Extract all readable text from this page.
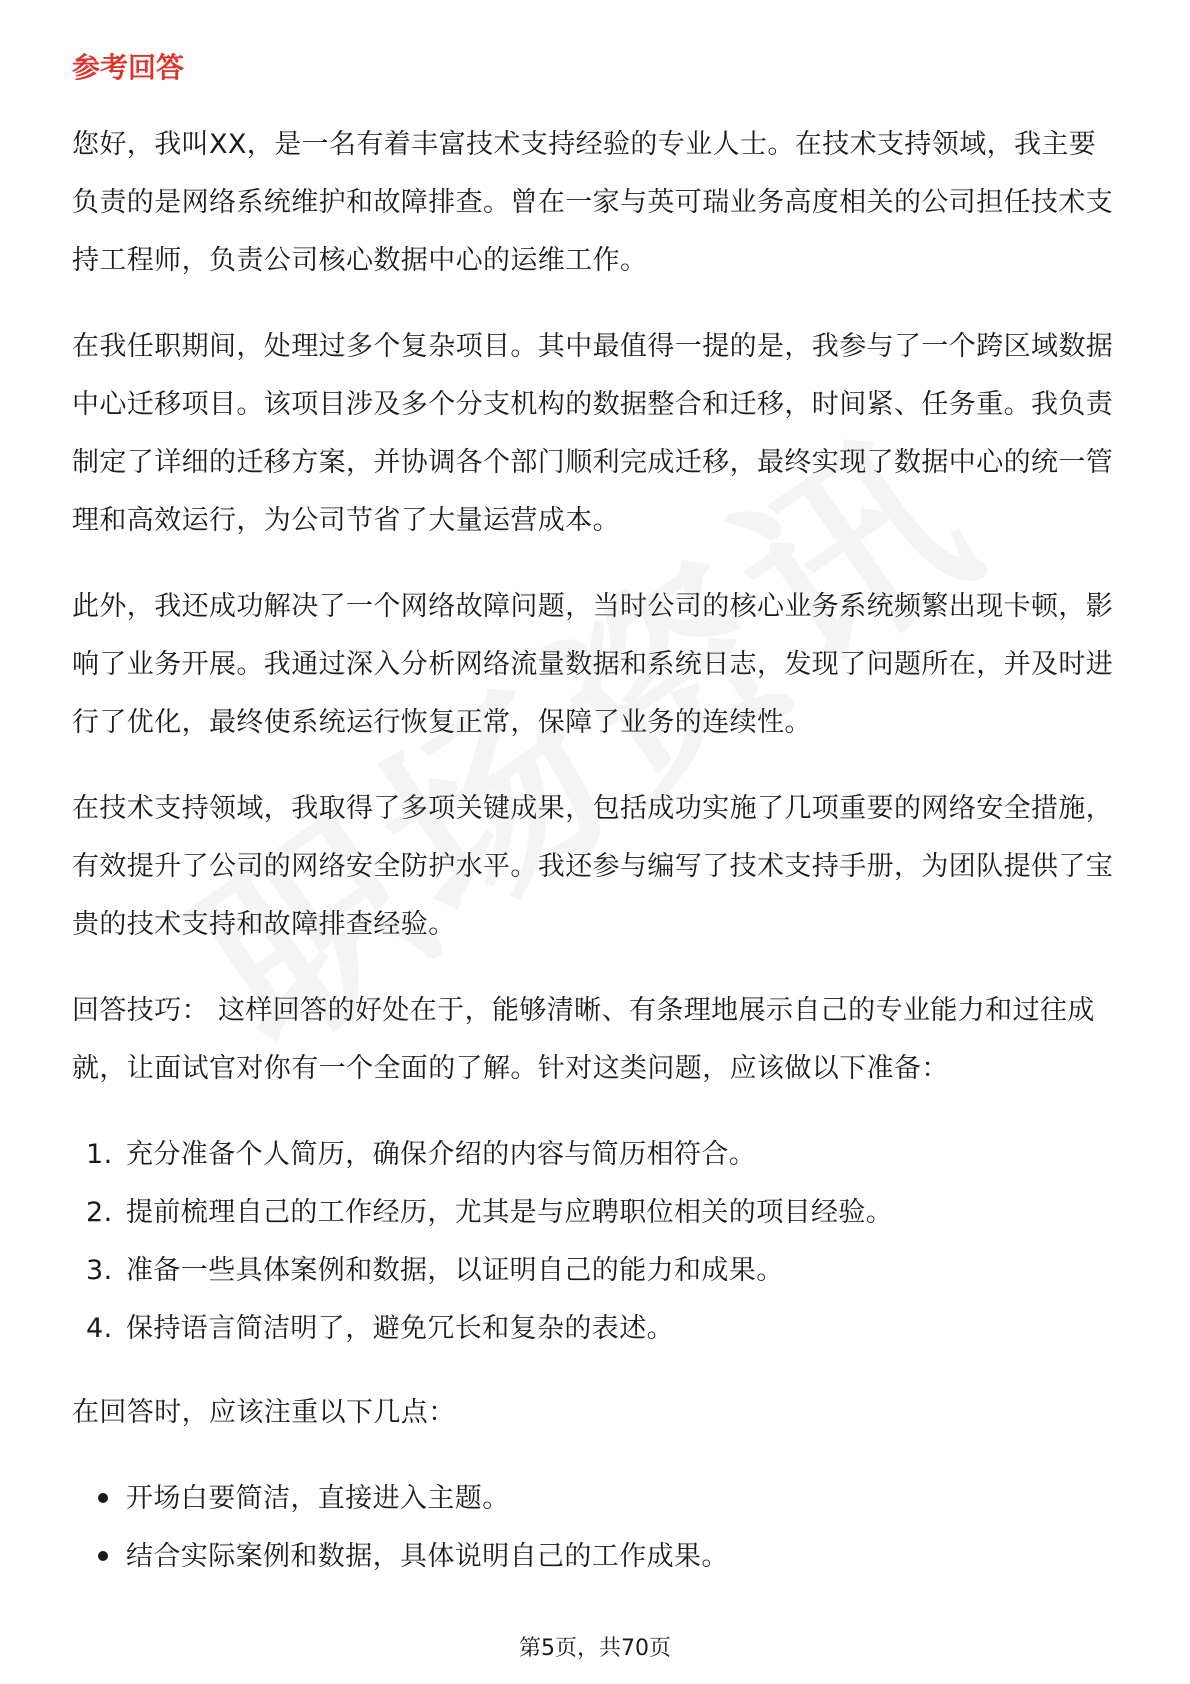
参考回答

您好，我叫XX，是一名有着丰富技术支持经验的专业人士。在技术支持领域，我主要负责的是网络系统维护和故障排查。曾在一家与英可瑞业务高度相关的公司担任技术支持工程师，负责公司核心数据中心的运维工作。

在我任职期间，处理过多个复杂项目。其中最值得一提的是，我参与了一个跨区域数据中心迁移项目。该项目涉及多个分支机构的数据整合和迁移，时间紧、任务重。我负责制定了详细的迁移方案，并协调各个部门顺利完成迁移，最终实现了数据中心的统一管理和高效运行，为公司节省了大量运营成本。

此外，我还成功解决了一个网络故障问题，当时公司的核心业务系统频繁出现卡顿，影响了业务开展。我通过深入分析网络流量数据和系统日志，发现了问题所在，并及时进行了优化，最终使系统运行恢复正常，保障了业务的连续性。

在技术支持领域，我取得了多项关键成果，包括成功实施了几项重要的网络安全措施，有效提升了公司的网络安全防护水平。我还参与编写了技术支持手册，为团队提供了宝贵的技术支持和故障排查经验。

回答技巧： 这样回答的好处在于，能够清晰、有条理地展示自己的专业能力和过往成就，让面试官对你有一个全面的了解。针对这类问题，应该做以下准备：

1. 充分准备个人简历，确保介绍的内容与简历相符合。
2. 提前梳理自己的工作经历，尤其是与应聘职位相关的项目经验。
3. 准备一些具体案例和数据，以证明自己的能力和成果。
4. 保持语言简洁明了，避免冗长和复杂的表述。

在回答时，应该注重以下几点：

开场白要简洁，直接进入主题。
结合实际案例和数据，具体说明自己的工作成果。
第5页，共70页
